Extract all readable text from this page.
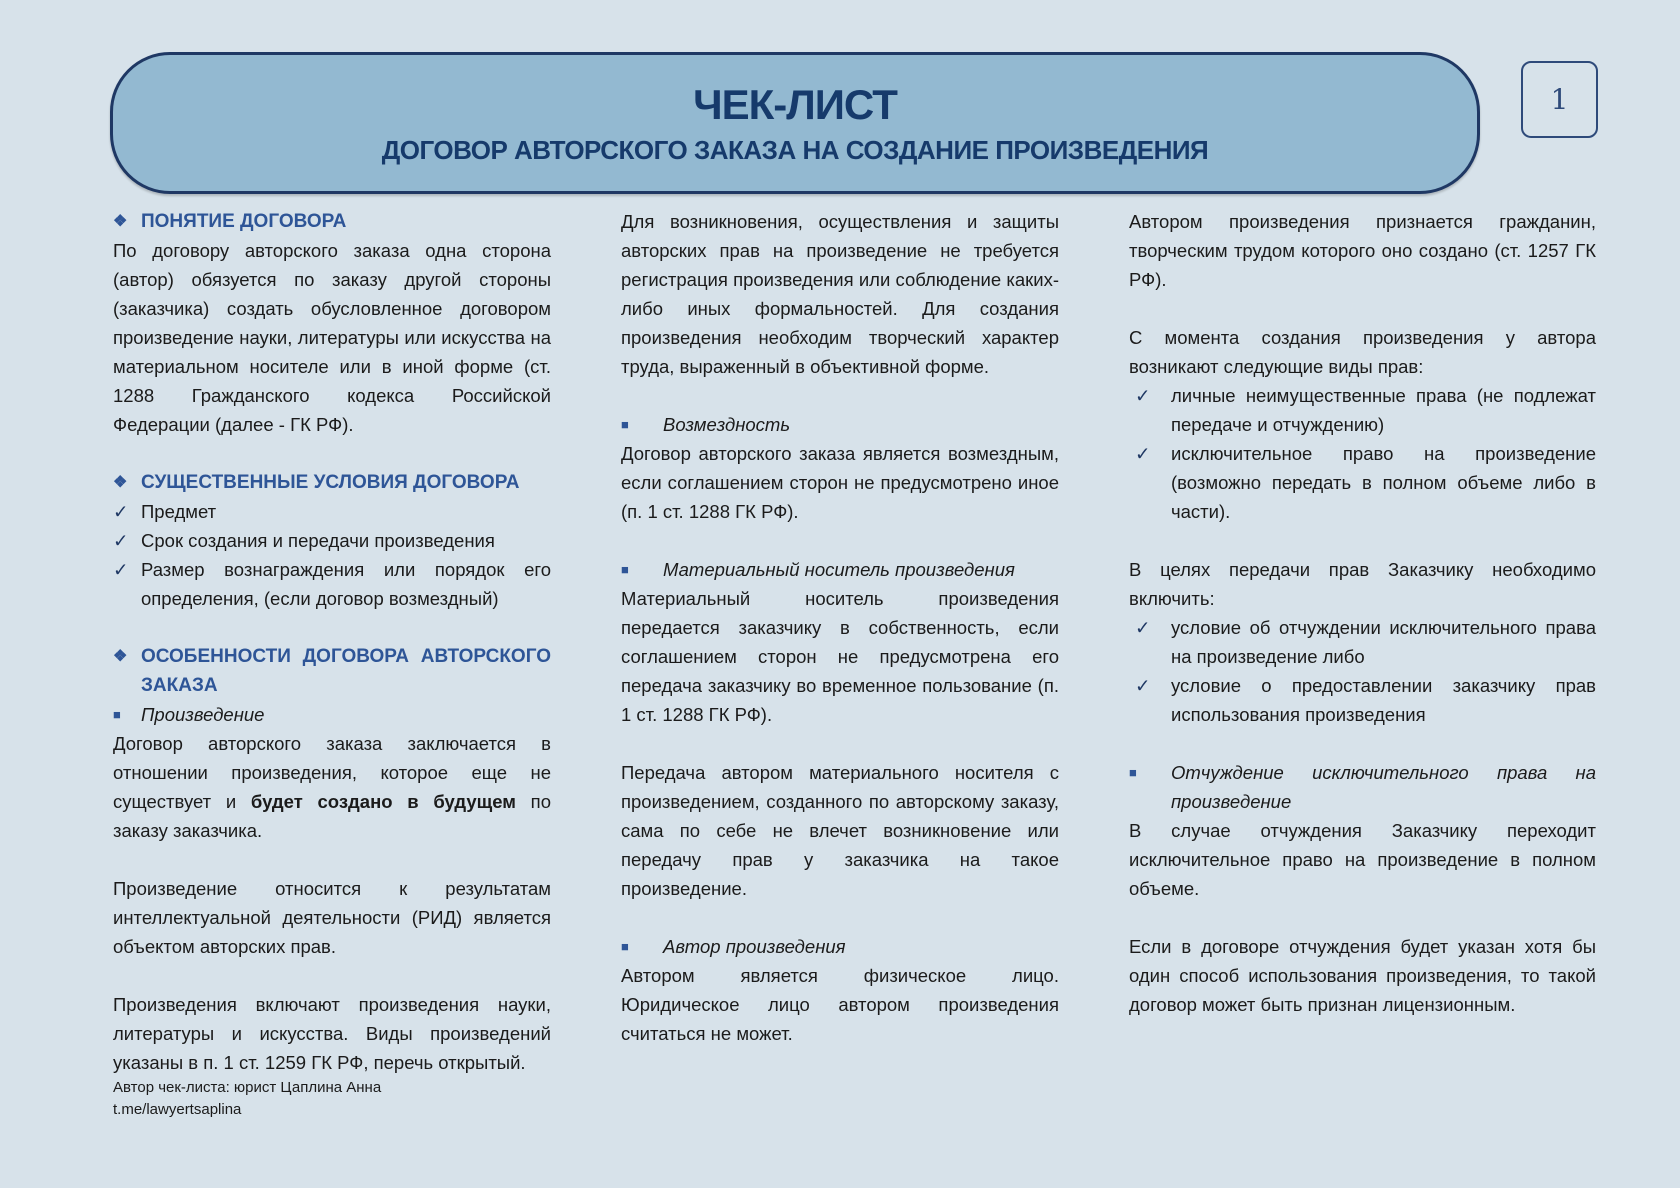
ЧЕК-ЛИСТ
ДОГОВОР АВТОРСКОГО ЗАКАЗА НА СОЗДАНИЕ ПРОИЗВЕДЕНИЯ
1
❖ ПОНЯТИЕ ДОГОВОРА

По договору авторского заказа одна сторона (автор) обязуется по заказу другой стороны (заказчика) создать обусловленное договором произведение науки, литературы или искусства на материальном носителе или в иной форме (ст. 1288 Гражданского кодекса Российской Федерации (далее - ГК РФ).

❖ СУЩЕСТВЕННЫЕ УСЛОВИЯ ДОГОВОРА
✓ Предмет
✓ Срок создания и передачи произведения
✓ Размер вознаграждения или порядок его определения, (если договор возмездный)
❖ ОСОБЕННОСТИ ДОГОВОРА АВТОРСКОГО ЗАКАЗА
■	Произведение

Договор авторского заказа заключается в отношении произведения, которое еще не существует и будет создано в будущем по заказу заказчика.

Произведение относится к результатам интеллектуальной деятельности (РИД) является объектом авторских прав.

Произведения включают произведения науки, литературы и искусства. Виды произведений указаны в п. 1 ст. 1259 ГК РФ, перечь открытый.

Автор чек-листа: юрист Цаплина Анна
t.me/lawyertsaplina

Для возникновения, осуществления и защиты авторских прав на произведение не требуется регистрация произведения или соблюдение каких-либо иных формальностей. Для создания произведения необходим творческий характер труда, выраженный в объективной форме.

■	Возмездность

Договор авторского заказа является возмездным, если соглашением сторон не предусмотрено иное (п. 1 ст. 1288 ГК РФ).

■	Материальный носитель произведения

Материальный носитель произведения передается заказчику в собственность, если соглашением сторон не предусмотрена его передача заказчику во временное пользование (п. 1 ст. 1288 ГК РФ).

Передача автором материального носителя с произведением, созданного по авторскому заказу, сама по себе не влечет возникновение или передачу прав у заказчика на такое произведение.

■	Автор произведения

Автором является физическое лицо. Юридическое лицо автором произведения считаться не может.

Автором произведения признается гражданин, творческим трудом которого оно создано (ст. 1257 ГК РФ).

С момента создания произведения у автора возникают следующие виды прав:

✓	личные неимущественные права (не подлежат передаче и отчуждению)
✓	исключительное право на произведение (возможно передать в полном объеме либо в части).

В целях передачи прав Заказчику необходимо включить:

✓	условие об отчуждении исключительного права на произведение либо
✓	условие о предоставлении заказчику прав использования произведения
■	Отчуждение исключительного права на произведение

В случае отчуждения Заказчику переходит исключительное право на произведение в полном объеме.

Если в договоре отчуждения будет указан хотя бы один способ использования произведения, то такой договор может быть признан лицензионным.
